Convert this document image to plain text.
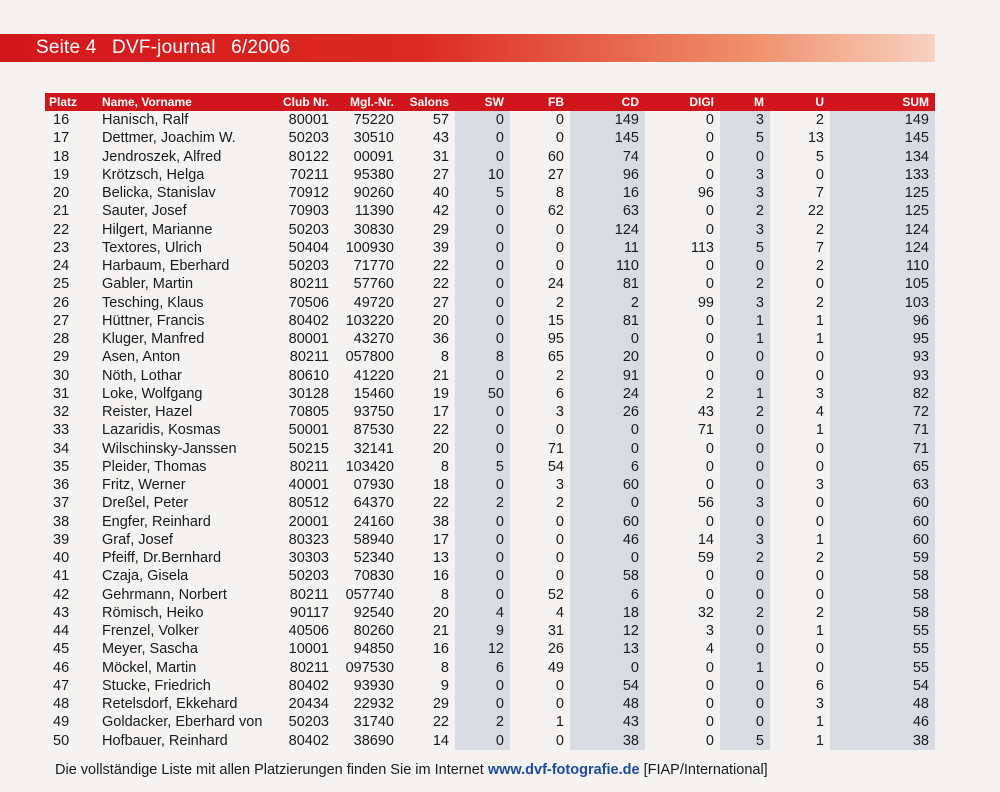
Seite 4 DVF-journal 6/2006
Platz	Name, Vorname	Club Nr.	Mgl.-Nr.	Salons	SW	FB	CD	DIGI	M	U	SUM
16	Hanisch, Ralf	80001	75220	57	0	0	149	0	3	2	149
17	Dettmer, Joachim W.	50203	30510	43	0	0	145	0	5	13	145
18	Jendroszek, Alfred	80122	00091	31	0	60	74	0	0	5	134
19	Krötzsch, Helga	70211	95380	27	10	27	96	0	3	0	133
20	Belicka, Stanislav	70912	90260	40	5	8	16	96	3	7	125
21	Sauter, Josef	70903	11390	42	0	62	63	0	2	22	125
22	Hilgert, Marianne	50203	30830	29	0	0	124	0	3	2	124
23	Textores, Ulrich	50404	100930	39	0	0	11	113	5	7	124
24	Harbaum, Eberhard	50203	71770	22	0	0	110	0	0	2	110
25	Gabler, Martin	80211	57760	22	0	24	81	0	2	0	105
26	Tesching, Klaus	70506	49720	27	0	2	2	99	3	2	103
27	Hüttner, Francis	80402	103220	20	0	15	81	0	1	1	96
28	Kluger, Manfred	80001	43270	36	0	95	0	0	1	1	95
29	Asen, Anton	80211	057800	8	8	65	20	0	0	0	93
30	Nöth, Lothar	80610	41220	21	0	2	91	0	0	0	93
31	Loke, Wolfgang	30128	15460	19	50	6	24	2	1	3	82
32	Reister, Hazel	70805	93750	17	0	3	26	43	2	4	72
33	Lazaridis, Kosmas	50001	87530	22	0	0	0	71	0	1	71
34	Wilschinsky-Janssen	50215	32141	20	0	71	0	0	0	0	71
35	Pleider, Thomas	80211	103420	8	5	54	6	0	0	0	65
36	Fritz, Werner	40001	07930	18	0	3	60	0	0	3	63
37	Dreßel, Peter	80512	64370	22	2	2	0	56	3	0	60
38	Engfer, Reinhard	20001	24160	38	0	0	60	0	0	0	60
39	Graf, Josef	80323	58940	17	0	0	46	14	3	1	60
40	Pfeiff, Dr.Bernhard	30303	52340	13	0	0	0	59	2	2	59
41	Czaja, Gisela	50203	70830	16	0	0	58	0	0	0	58
42	Gehrmann, Norbert	80211	057740	8	0	52	6	0	0	0	58
43	Römisch, Heiko	90117	92540	20	4	4	18	32	2	2	58
44	Frenzel, Volker	40506	80260	21	9	31	12	3	0	1	55
45	Meyer, Sascha	10001	94850	16	12	26	13	4	0	0	55
46	Möckel, Martin	80211	097530	8	6	49	0	0	1	0	55
47	Stucke, Friedrich	80402	93930	9	0	0	54	0	0	6	54
48	Retelsdorf, Ekkehard	20434	22932	29	0	0	48	0	0	3	48
49	Goldacker, Eberhard von	50203	31740	22	2	1	43	0	0	1	46
50	Hofbauer, Reinhard	80402	38690	14	0	0	38	0	5	1	38
Die vollständige Liste mit allen Platzierungen finden Sie im Internet www.dvf-fotografie.de [FIAP/International]
